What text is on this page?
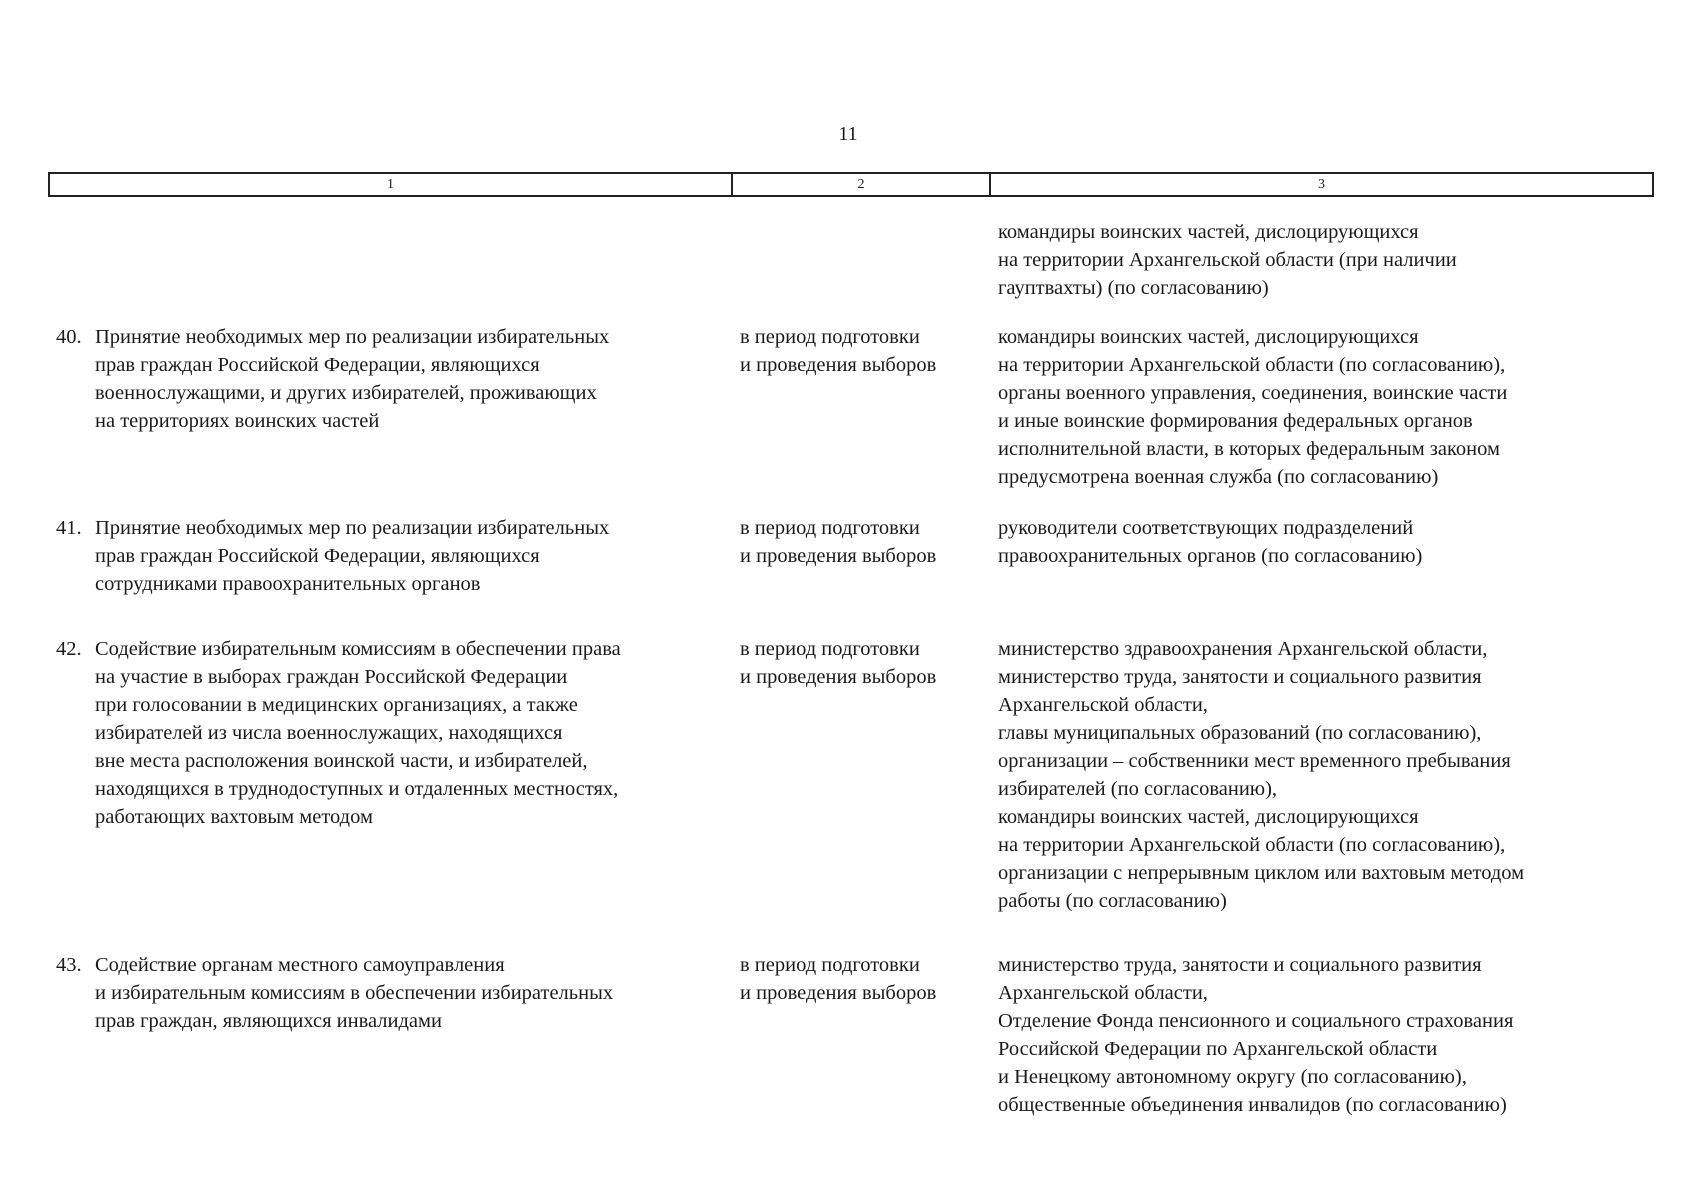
11
1	2	3
командиры воинских частей, дислоцирующихся
на территории Архангельской области (при наличии
гауптвахты) (по согласованию)
40. Принятие необходимых мер по реализации избирательных
прав граждан Российской Федерации, являющихся
военнослужащими, и других избирателей, проживающих
на территориях воинских частей
в период подготовки
и проведения выборов
командиры воинских частей, дислоцирующихся
на территории Архангельской области (по согласованию),
органы военного управления, соединения, воинские части
и иные воинские формирования федеральных органов
исполнительной власти, в которых федеральным законом
предусмотрена военная служба (по согласованию)
41. Принятие необходимых мер по реализации избирательных
прав граждан Российской Федерации, являющихся
сотрудниками правоохранительных органов
в период подготовки
и проведения выборов
руководители соответствующих подразделений
правоохранительных органов (по согласованию)
42. Содействие избирательным комиссиям в обеспечении права
на участие в выборах граждан Российской Федерации
при голосовании в медицинских организациях, а также
избирателей из числа военнослужащих, находящихся
вне места расположения воинской части, и избирателей,
находящихся в труднодоступных и отдаленных местностях,
работающих вахтовым методом
в период подготовки
и проведения выборов
министерство здравоохранения Архангельской области,
министерство труда, занятости и социального развития
Архангельской области,
главы муниципальных образований (по согласованию),
организации – собственники мест временного пребывания
избирателей (по согласованию),
командиры воинских частей, дислоцирующихся
на территории Архангельской области (по согласованию),
организации с непрерывным циклом или вахтовым методом
работы (по согласованию)
43. Содействие органам местного самоуправления
и избирательным комиссиям в обеспечении избирательных
прав граждан, являющихся инвалидами
в период подготовки
и проведения выборов
министерство труда, занятости и социального развития
Архангельской области,
Отделение Фонда пенсионного и социального страхования
Российской Федерации по Архангельской области
и Ненецкому автономному округу (по согласованию),
общественные объединения инвалидов (по согласованию)
